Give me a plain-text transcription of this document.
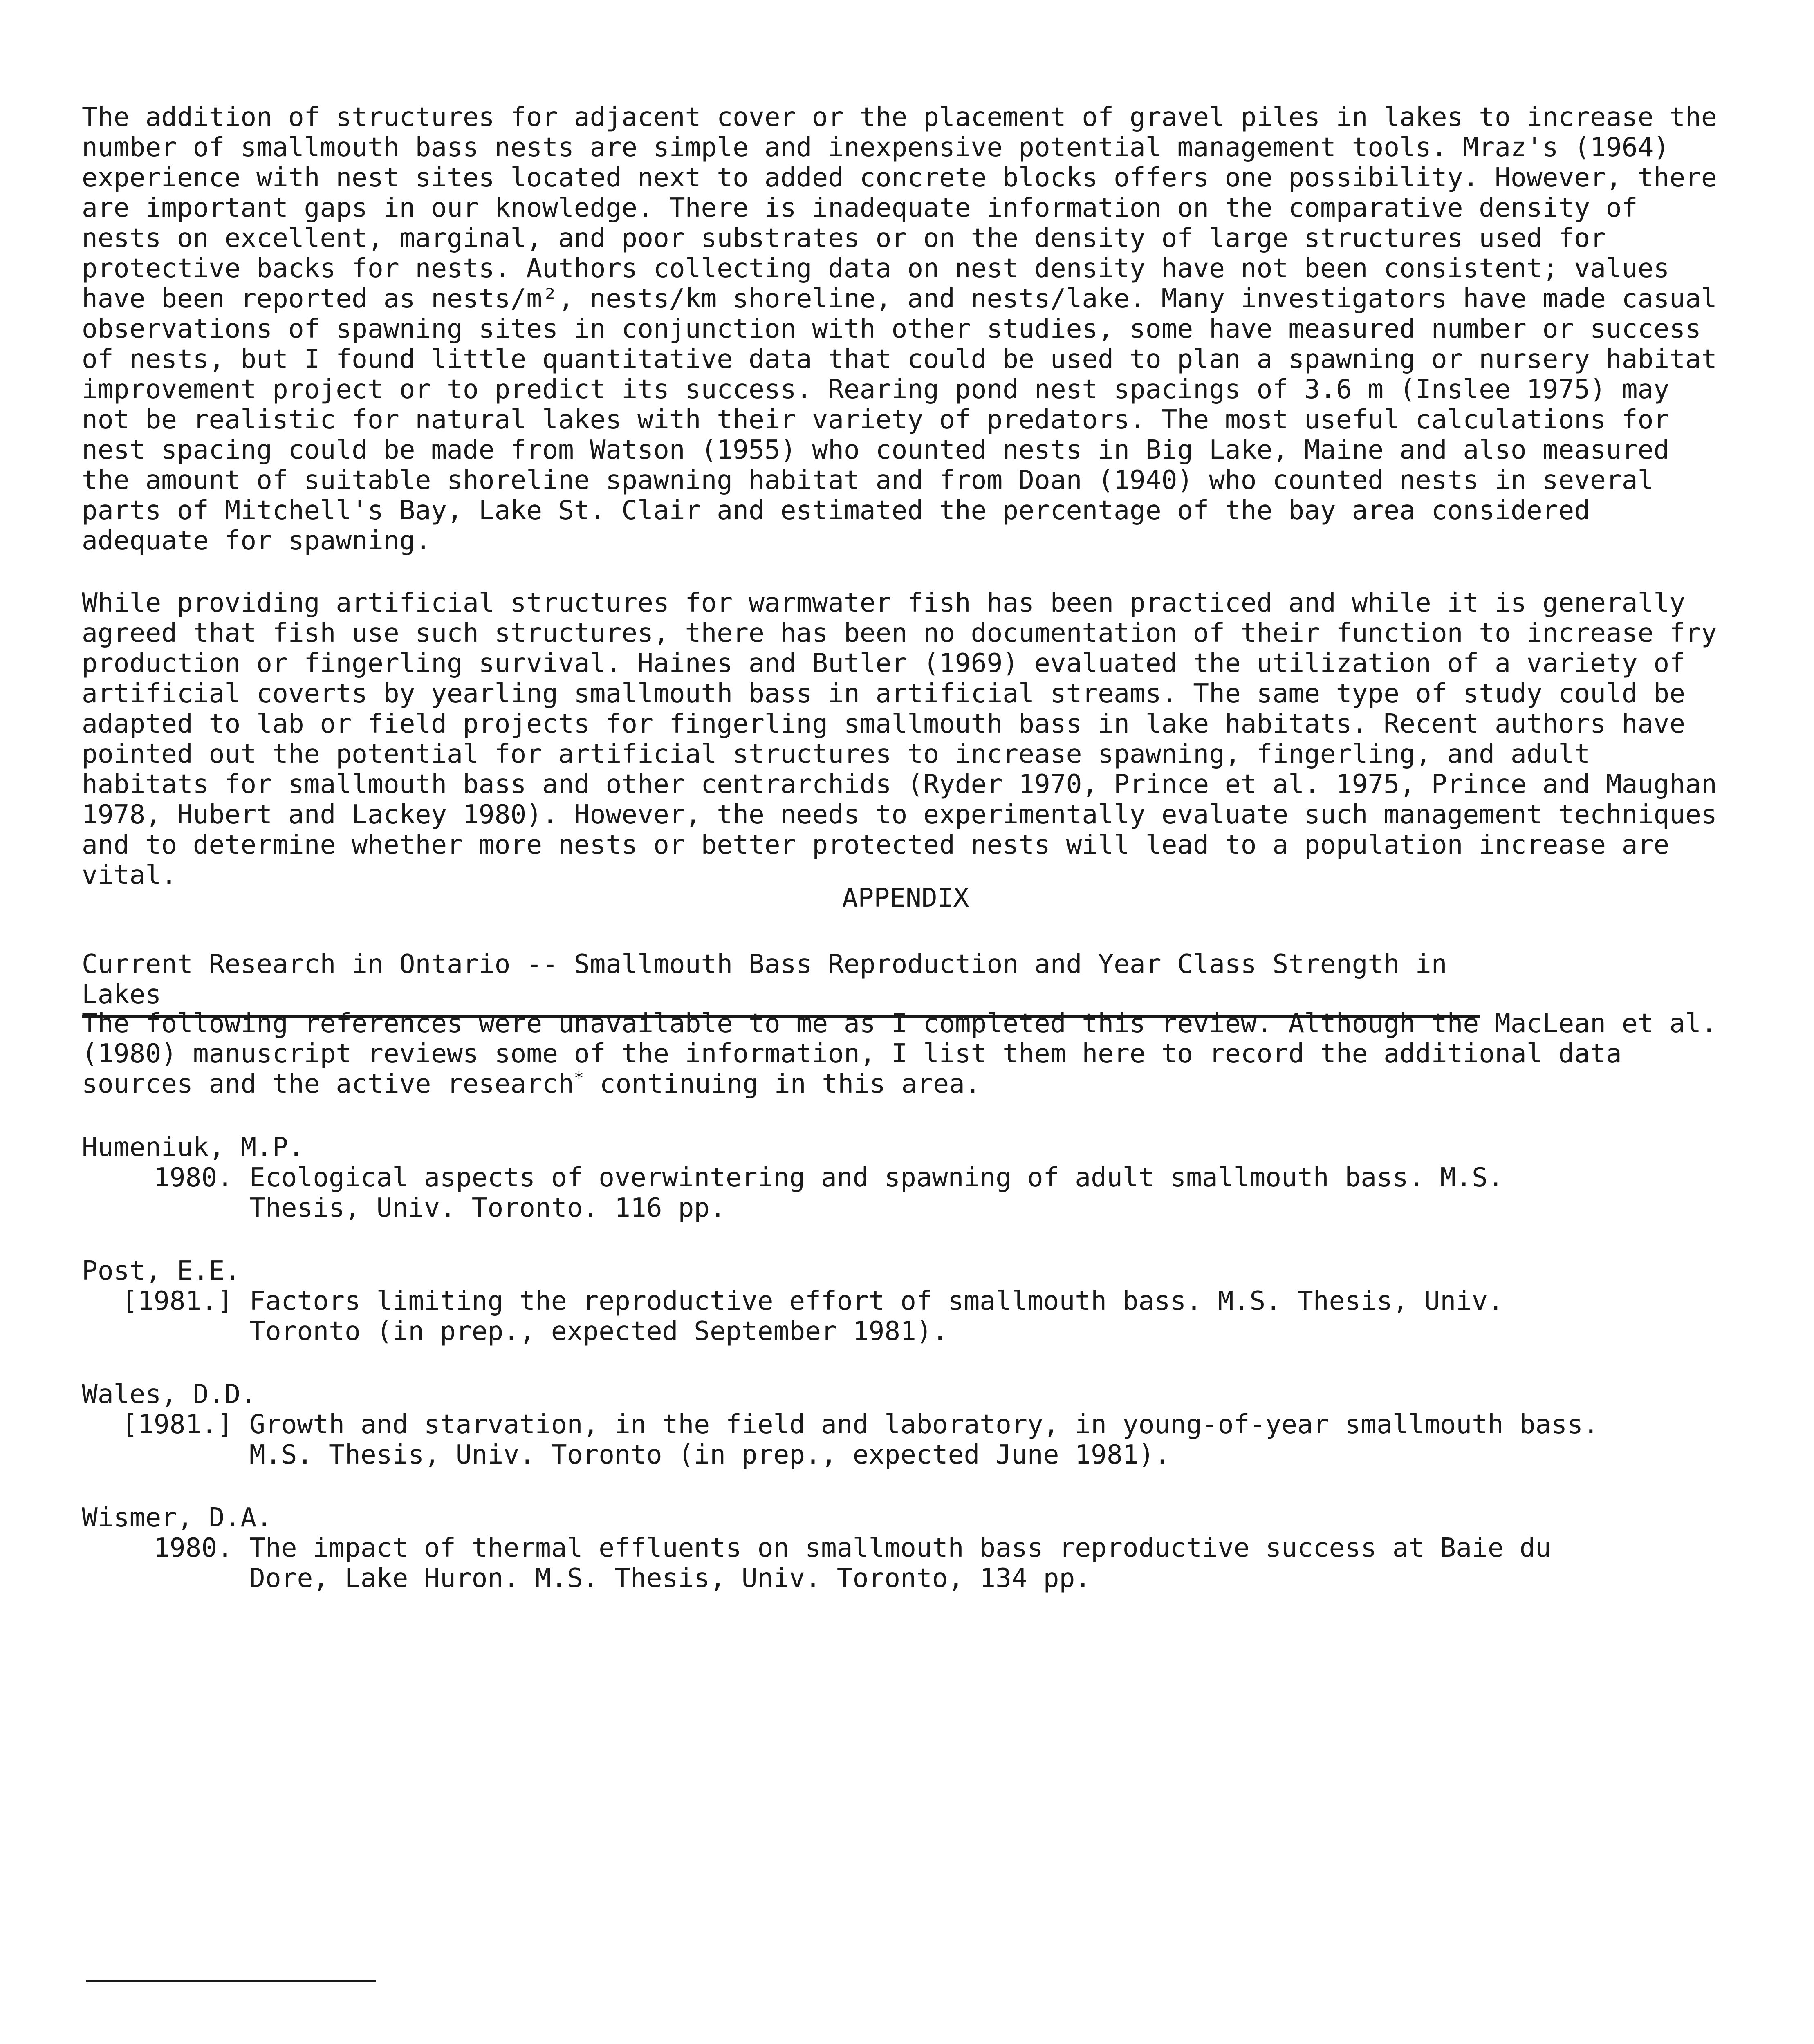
The addition of structures for adjacent cover or the placement of gravel piles in lakes to increase the number of smallmouth bass nests are simple and inexpensive potential management tools. Mraz's (1964) experience with nest sites located next to added concrete blocks offers one possibility. However, there are important gaps in our knowledge. There is inadequate information on the comparative density of nests on excellent, marginal, and poor substrates or on the density of large structures used for protective backs for nests. Authors collecting data on nest density have not been consistent; values have been reported as nests/m², nests/km shoreline, and nests/lake. Many investigators have made casual observations of spawning sites in conjunction with other studies, some have measured number or success of nests, but I found little quantitative data that could be used to plan a spawning or nursery habitat improvement project or to predict its success. Rearing pond nest spacings of 3.6 m (Inslee 1975) may not be realistic for natural lakes with their variety of predators. The most useful calculations for nest spacing could be made from Watson (1955) who counted nests in Big Lake, Maine and also measured the amount of suitable shoreline spawning habitat and from Doan (1940) who counted nests in several parts of Mitchell's Bay, Lake St. Clair and estimated the percentage of the bay area considered adequate for spawning.

While providing artificial structures for warmwater fish has been practiced and while it is generally agreed that fish use such structures, there has been no documentation of their function to increase fry production or fingerling survival. Haines and Butler (1969) evaluated the utilization of a variety of artificial coverts by yearling smallmouth bass in artificial streams. The same type of study could be adapted to lab or field projects for fingerling smallmouth bass in lake habitats. Recent authors have pointed out the potential for artificial structures to increase spawning, fingerling, and adult habitats for smallmouth bass and other centrarchids (Ryder 1970, Prince et al. 1975, Prince and Maughan 1978, Hubert and Lackey 1980). However, the needs to experimentally evaluate such management techniques and to determine whether more nests or better protected nests will lead to a population increase are vital.

APPENDIX
Current Research in Ontario -- Smallmouth Bass Reproduction and Year Class Strength in Lakes

The following references were unavailable to me as I completed this review. Although the MacLean et al. (1980) manuscript reviews some of the information, I list them here to record the additional data sources and the active research* continuing in this area.

Humeniuk, M.P.
1980. Ecological aspects of overwintering and spawning of adult smallmouth bass. M.S. Thesis, Univ. Toronto. 116 pp.
Post, E.E.
[1981.] Factors limiting the reproductive effort of smallmouth bass. M.S. Thesis, Univ. Toronto (in prep., expected September 1981).
Wales, D.D.
[1981.] Growth and starvation, in the field and laboratory, in young-of-year smallmouth bass. M.S. Thesis, Univ. Toronto (in prep., expected June 1981).
Wismer, D.A.
1980. The impact of thermal effluents on smallmouth bass reproductive success at Baie du Dore, Lake Huron. M.S. Thesis, Univ. Toronto, 134 pp.
